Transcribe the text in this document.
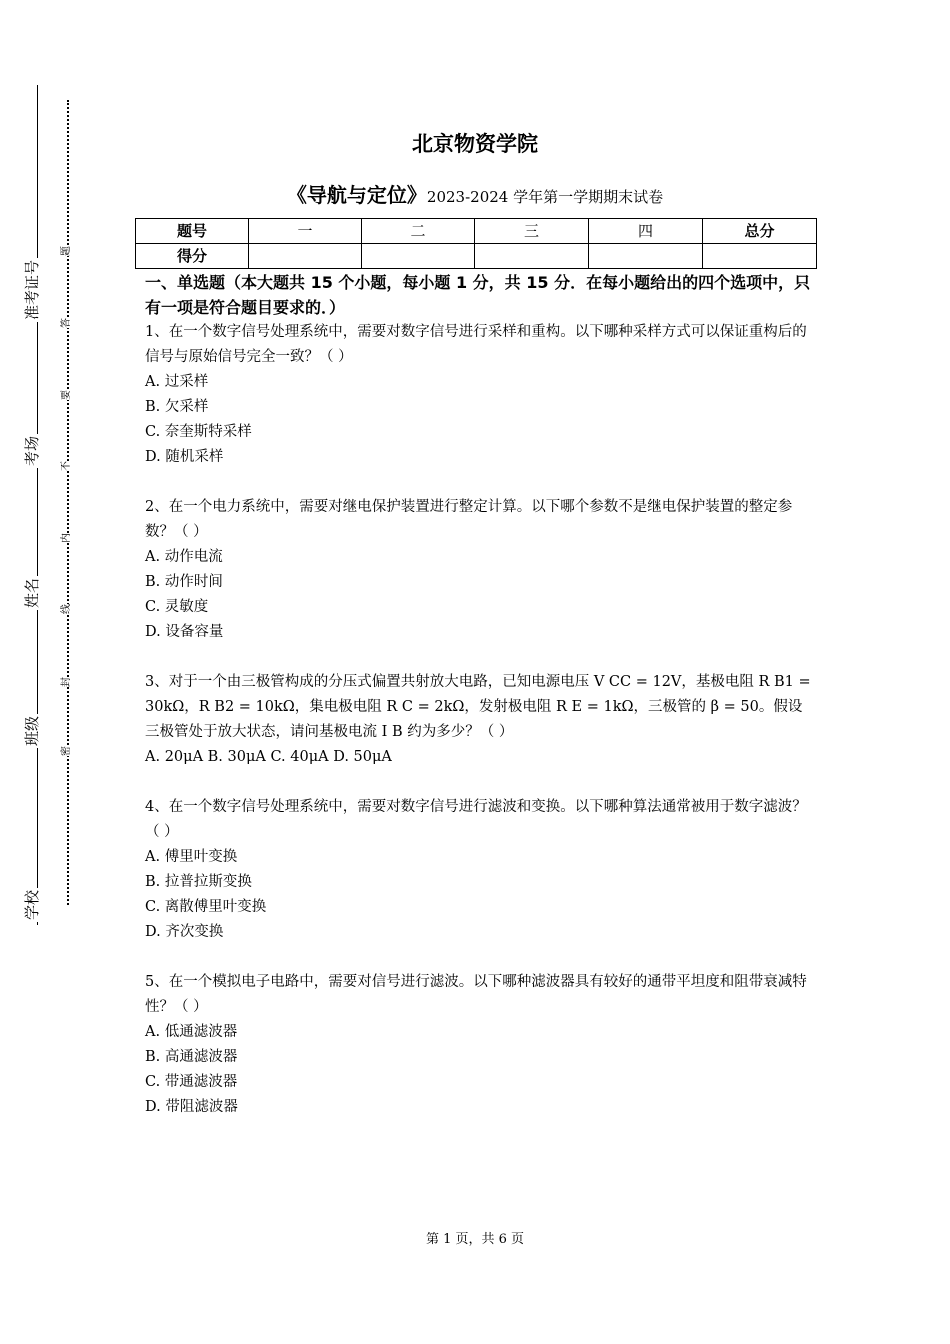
准考证号
考场
姓名
班级
学校
题
答
要
不
内
线
封
密
北京物资学院
《导航与定位》2023-2024 学年第一学期期末试卷
题号	一	二	三	四	总分
得分					

一、单选题（本大题共 15 个小题，每小题 1 分，共 15 分．在每小题给出的四个选项中，只有一项是符合题目要求的．）

1、在一个数字信号处理系统中，需要对数字信号进行采样和重构。以下哪种采样方式可以保证重构后的信号与原始信号完全一致？（ ）

A. 过采样

B. 欠采样

C. 奈奎斯特采样

D. 随机采样

2、在一个电力系统中，需要对继电保护装置进行整定计算。以下哪个参数不是继电保护装置的整定参数？（ ）

A. 动作电流

B. 动作时间

C. 灵敏度

D. 设备容量

3、对于一个由三极管构成的分压式偏置共射放大电路，已知电源电压 V CC = 12V，基极电阻 R B1 = 30kΩ，R B2 = 10kΩ，集电极电阻 R C = 2kΩ，发射极电阻 R E = 1kΩ，三极管的 β = 50。假设三极管处于放大状态，请问基极电流 I B 约为多少？（ ）

A. 20μA B. 30μA C. 40μA D. 50μA

4、在一个数字信号处理系统中，需要对数字信号进行滤波和变换。以下哪种算法通常被用于数字滤波？（ ）

A. 傅里叶变换

B. 拉普拉斯变换

C. 离散傅里叶变换

D. 齐次变换

5、在一个模拟电子电路中，需要对信号进行滤波。以下哪种滤波器具有较好的通带平坦度和阻带衰减特性？（ ）

A. 低通滤波器

B. 高通滤波器

C. 带通滤波器

D. 带阻滤波器

第 1 页，共 6 页
